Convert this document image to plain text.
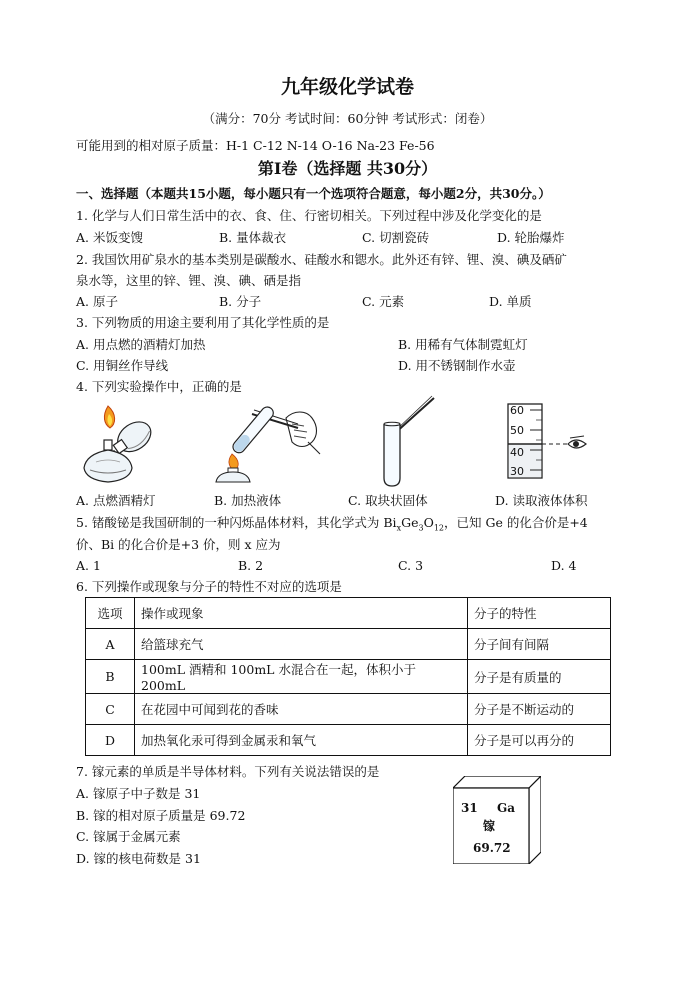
九年级化学试卷
（满分：70分 考试时间：60分钟 考试形式：闭卷）
可能用到的相对原子质量：H-1 C-12 N-14 O-16 Na-23 Fe-56
第Ⅰ卷（选择题 共30分）
一、选择题（本题共15小题，每小题只有一个选项符合题意，每小题2分，共30分。）
1. 化学与人们日常生活中的衣、食、住、行密切相关。下列过程中涉及化学变化的是
A. 米饭变馊	B. 量体裁衣	C. 切割瓷砖	D. 轮胎爆炸
2. 我国饮用矿泉水的基本类别是碳酸水、硅酸水和锶水。此外还有锌、锂、溴、碘及硒矿
泉水等，这里的锌、锂、溴、碘、硒是指
A. 原子	B. 分子	C. 元素	D. 单质
3. 下列物质的用途主要利用了其化学性质的是
A. 用点燃的酒精灯加热	B. 用稀有气体制霓虹灯
C. 用铜丝作导线	D. 用不锈钢制作水壶
4. 下列实验操作中，正确的是
60
50
40
30
A. 点燃酒精灯	B. 加热液体	C. 取块状固体	D. 读取液体体积
5. 锗酸铋是我国研制的一种闪烁晶体材料，其化学式为 $Bi_xGe_3O_{12}$，已知 Ge 的化合价是+4
价、Bi 的化合价是+3 价，则 x 应为
A. 1	B. 2	C. 3	D. 4
6. 下列操作或现象与分子的特性不对应的选项是
选项	操作或现象	分子的特性
A	给篮球充气	分子间有间隔
B	100mL 酒精和 100mL 水混合在一起，体积小于 200mL	分子是有质量的
C	在花园中可闻到花的香味	分子是不断运动的
D	加热氧化汞可得到金属汞和氧气	分子是可以再分的
7. 镓元素的单质是半导体材料。下列有关说法错误的是
A. 镓原子中子数是 31
B. 镓的相对原子质量是 69.72
C. 镓属于金属元素
D. 镓的核电荷数是 31
31 Ga
镓
69.72
